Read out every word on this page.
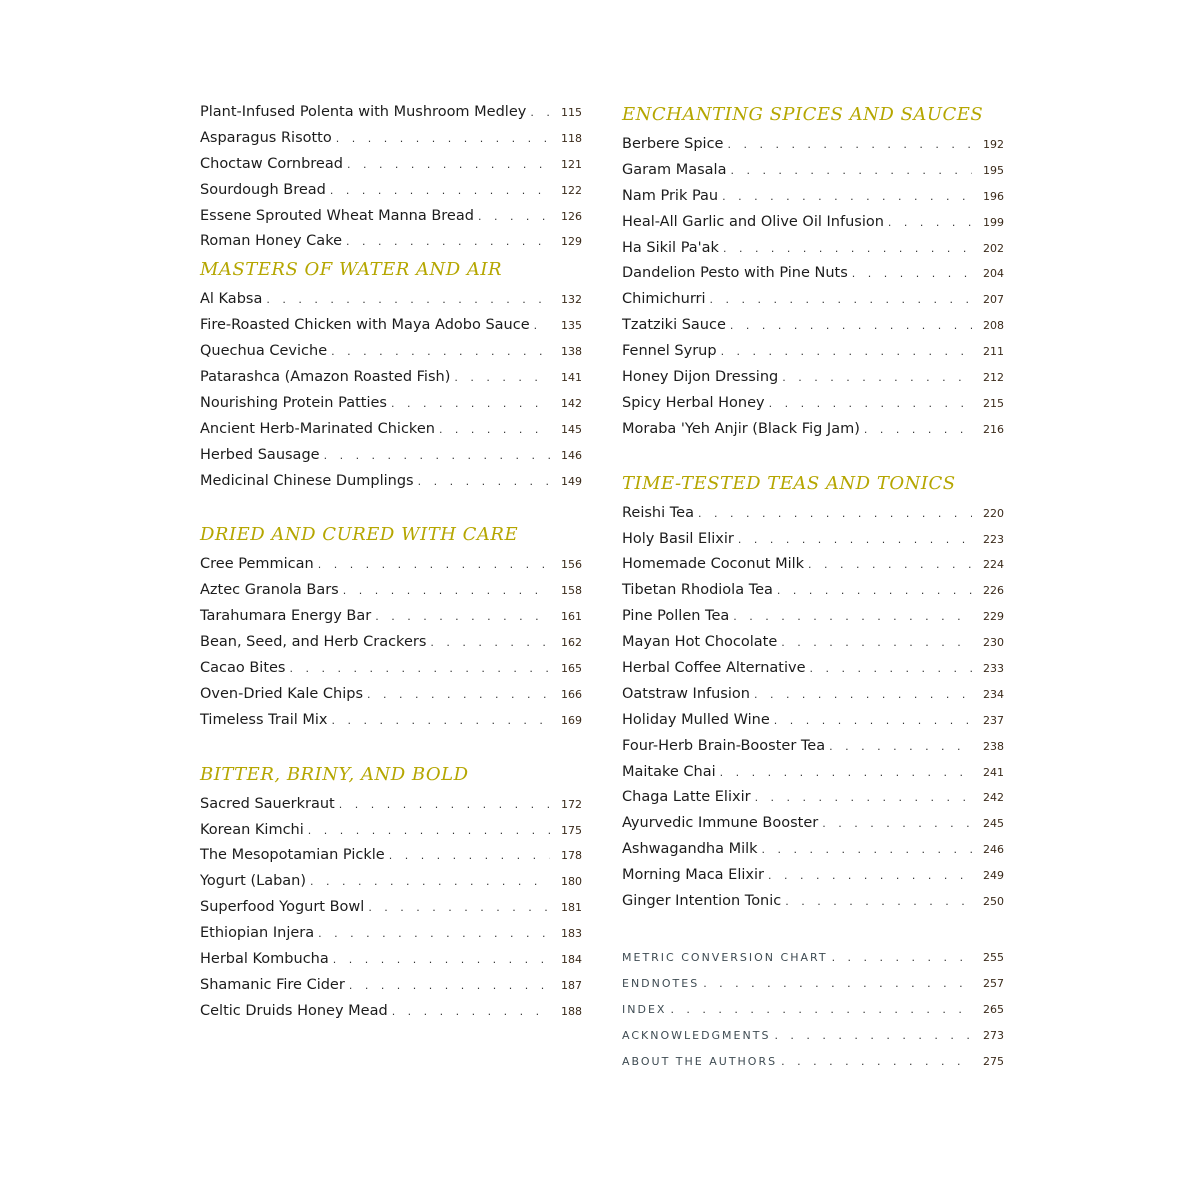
Plant-Infused Polenta with Mushroom Medley . . .	115
Asparagus Risotto . . .	118
Choctaw Cornbread . . .	121
Sourdough Bread . . .	122
Essene Sprouted Wheat Manna Bread . . .	126
Roman Honey Cake . . .	129
MASTERS OF WATER AND AIR
Al Kabsa . . .	132
Fire-Roasted Chicken with Maya Adobo Sauce . . .	135
Quechua Ceviche . . .	138
Patarashca (Amazon Roasted Fish) . . .	141
Nourishing Protein Patties . . .	142
Ancient Herb-Marinated Chicken . . .	145
Herbed Sausage . . .	146
Medicinal Chinese Dumplings . . .	149
DRIED AND CURED WITH CARE
Cree Pemmican . . .	156
Aztec Granola Bars . . .	158
Tarahumara Energy Bar . . .	161
Bean, Seed, and Herb Crackers . . .	162
Cacao Bites . . .	165
Oven-Dried Kale Chips . . .	166
Timeless Trail Mix . . .	169
BITTER, BRINY, AND BOLD
Sacred Sauerkraut . . .	172
Korean Kimchi . . .	175
The Mesopotamian Pickle . . .	178
Yogurt (Laban) . . .	180
Superfood Yogurt Bowl . . .	181
Ethiopian Injera . . .	183
Herbal Kombucha . . .	184
Shamanic Fire Cider . . .	187
Celtic Druids Honey Mead . . .	188
ENCHANTING SPICES AND SAUCES
Berbere Spice . . .	192
Garam Masala . . .	195
Nam Prik Pau . . .	196
Heal-All Garlic and Olive Oil Infusion . . .	199
Ha Sikil Pa'ak . . .	202
Dandelion Pesto with Pine Nuts . . .	204
Chimichurri . . .	207
Tzatziki Sauce . . .	208
Fennel Syrup . . .	211
Honey Dijon Dressing . . .	212
Spicy Herbal Honey . . .	215
Moraba 'Yeh Anjir (Black Fig Jam) . . .	216
TIME-TESTED TEAS AND TONICS
Reishi Tea . . .	220
Holy Basil Elixir . . .	223
Homemade Coconut Milk . . .	224
Tibetan Rhodiola Tea . . .	226
Pine Pollen Tea . . .	229
Mayan Hot Chocolate . . .	230
Herbal Coffee Alternative . . .	233
Oatstraw Infusion . . .	234
Holiday Mulled Wine . . .	237
Four-Herb Brain-Booster Tea . . .	238
Maitake Chai . . .	241
Chaga Latte Elixir . . .	242
Ayurvedic Immune Booster . . .	245
Ashwagandha Milk . . .	246
Morning Maca Elixir . . .	249
Ginger Intention Tonic . . .	250
METRIC CONVERSION CHART . . .	255
ENDNOTES . . .	257
INDEX . . .	265
ACKNOWLEDGMENTS . . .	273
ABOUT THE AUTHORS . . .	275
